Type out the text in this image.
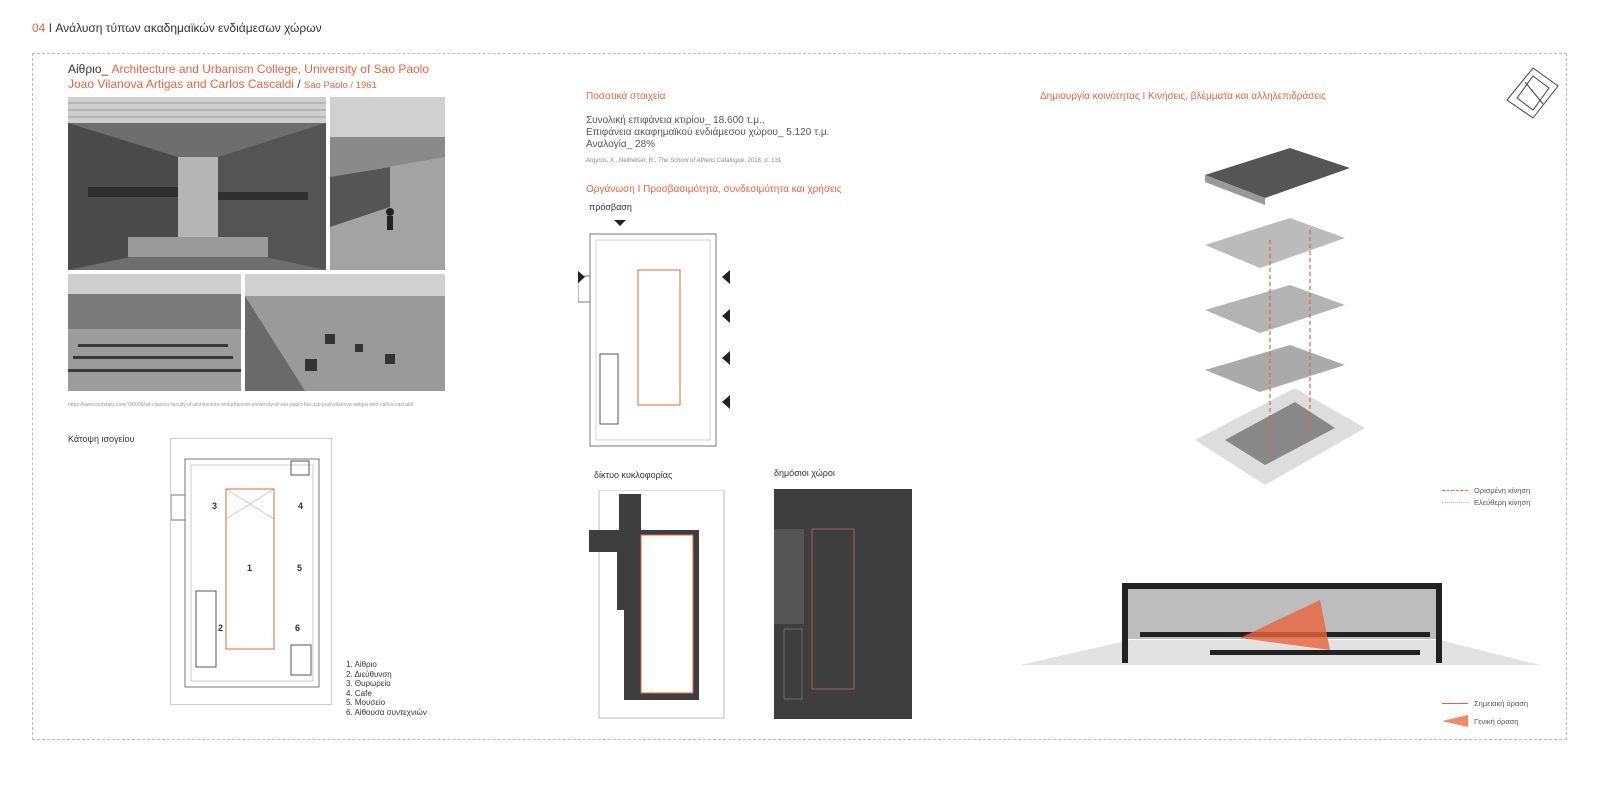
04 I Ανάλυση τύπων ακαδημαϊκών ενδιάμεσων χώρων
Αίθριο_ Architecture and Urbanism College, University of Sao Paolo
Joao Vilanova Artigas and Carlos Cascaldi / Sao Paolo / 1961
https://www.archdaily.com/790099/ad-classics-faculty-of-architecture-andurbanism-university-of-sao-paulo-fau-usp-joao-vilanova-artigas-and-carlos-cascaldi
Κάτοψη ισογείου
3	4
1	5
2	6
1. Αίθριο
2. Διεύθυνση
3. Θυρωρείο
4. Cafe
5. Μουσείο
6. Αίθουσα συντεχνιών
Ποσοτικά στοιχεία
Συνολική επιφάνεια κτιρίου_ 18.600 τ.μ.,
Επιφάνεια ακαφημαϊκού ενδιάμεσου χώρου_ 5.120 τ.μ.
Αναλογία_ 28%
Argyros, X., Neilheiser, R., The School of Athens Catalogue, 2018, σ. 131
Οργάνωση Ι Προσβασιμότητα, συνδεσιμότητα και χρήσεις
πρόσβαση
δίκτυο κυκλοφορίας	δημόσιοι χώροι
Δημιουργία κοινότητας Ι Κινήσεις, βλέμματα και αλληλεπιδράσεις
Ορισμένη κίνηση
Ελεύθερη κίνηση
Σημειακή όραση
Γενική όραση
